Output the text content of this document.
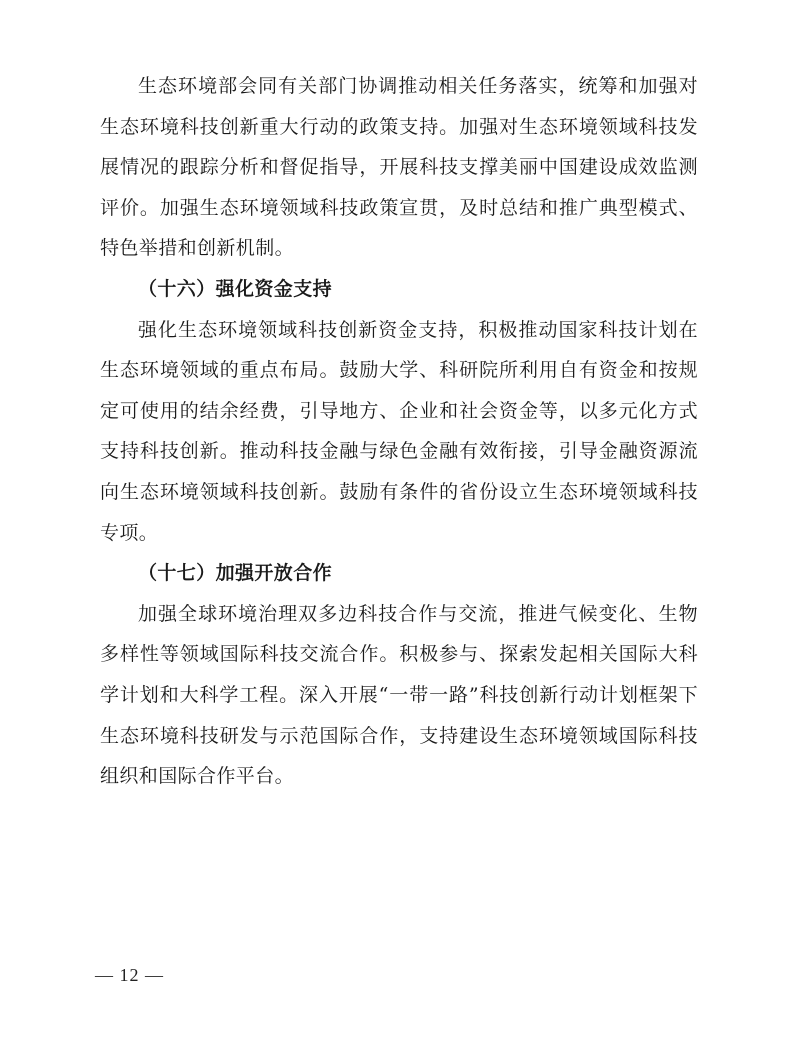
生态环境部会同有关部门协调推动相关任务落实，统筹和加强对生态环境科技创新重大行动的政策支持。加强对生态环境领域科技发展情况的跟踪分析和督促指导，开展科技支撑美丽中国建设成效监测评价。加强生态环境领域科技政策宣贯，及时总结和推广典型模式、特色举措和创新机制。

（十六）强化资金支持

强化生态环境领域科技创新资金支持，积极推动国家科技计划在生态环境领域的重点布局。鼓励大学、科研院所利用自有资金和按规定可使用的结余经费，引导地方、企业和社会资金等，以多元化方式支持科技创新。推动科技金融与绿色金融有效衔接，引导金融资源流向生态环境领域科技创新。鼓励有条件的省份设立生态环境领域科技专项。

（十七）加强开放合作

加强全球环境治理双多边科技合作与交流，推进气候变化、生物多样性等领域国际科技交流合作。积极参与、探索发起相关国际大科学计划和大科学工程。深入开展“一带一路”科技创新行动计划框架下生态环境科技研发与示范国际合作，支持建设生态环境领域国际科技组织和国际合作平台。

— 12 —
